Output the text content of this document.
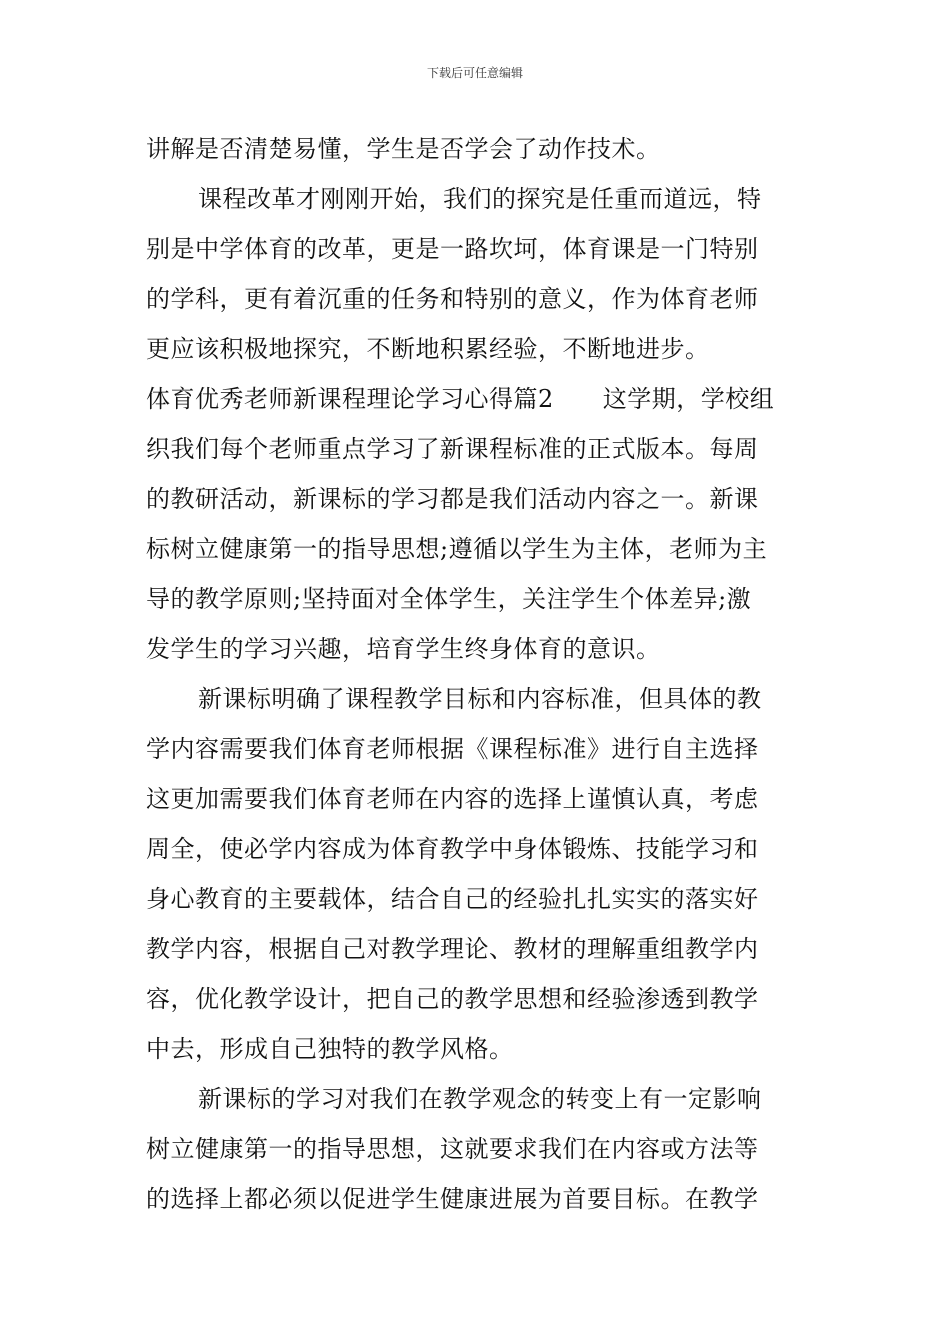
下载后可任意编辑
讲解是否清楚易懂，学生是否学会了动作技术。
课程改革才刚刚开始，我们的探究是任重而道远，特
别是中学体育的改革，更是一路坎坷，体育课是一门特别
的学科，更有着沉重的任务和特别的意义，作为体育老师
更应该积极地探究，不断地积累经验，不断地进步。
体育优秀老师新课程理论学习心得篇2　　这学期，学校组
织我们每个老师重点学习了新课程标准的正式版本。每周
的教研活动，新课标的学习都是我们活动内容之一。新课
标树立健康第一的指导思想;遵循以学生为主体，老师为主
导的教学原则;坚持面对全体学生，关注学生个体差异;激
发学生的学习兴趣，培育学生终身体育的意识。
新课标明确了课程教学目标和内容标准，但具体的教
学内容需要我们体育老师根据《课程标准》进行自主选择
这更加需要我们体育老师在内容的选择上谨慎认真，考虑
周全，使必学内容成为体育教学中身体锻炼、技能学习和
身心教育的主要载体，结合自己的经验扎扎实实的落实好
教学内容，根据自己对教学理论、教材的理解重组教学内
容，优化教学设计，把自己的教学思想和经验渗透到教学
中去，形成自己独特的教学风格。
新课标的学习对我们在教学观念的转变上有一定影响
树立健康第一的指导思想，这就要求我们在内容或方法等
的选择上都必须以促进学生健康进展为首要目标。在教学
